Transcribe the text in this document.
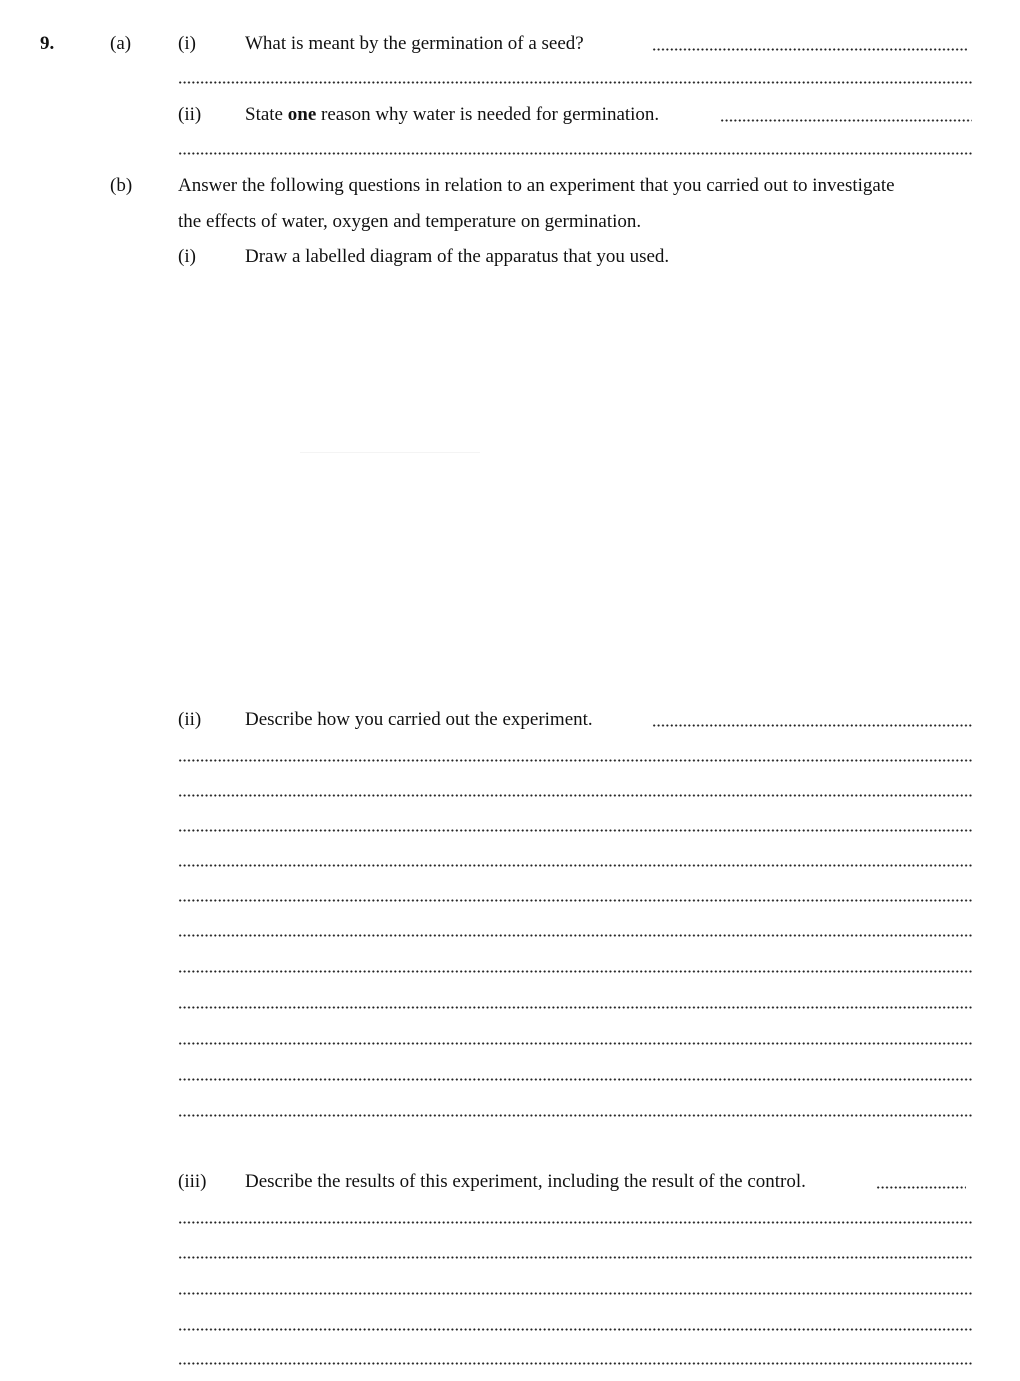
9.	(a) (i)	What is meant by the germination of a seed?
(ii) State one reason why water is needed for germination.
(b) Answer the following questions in relation to an experiment that you carried out to investigate
the effects of water, oxygen and temperature on germination.
(i)	Draw a labelled diagram of the apparatus that you used.
(ii) Describe how you carried out the experiment.
(iii) Describe the results of this experiment, including the result of the control.
